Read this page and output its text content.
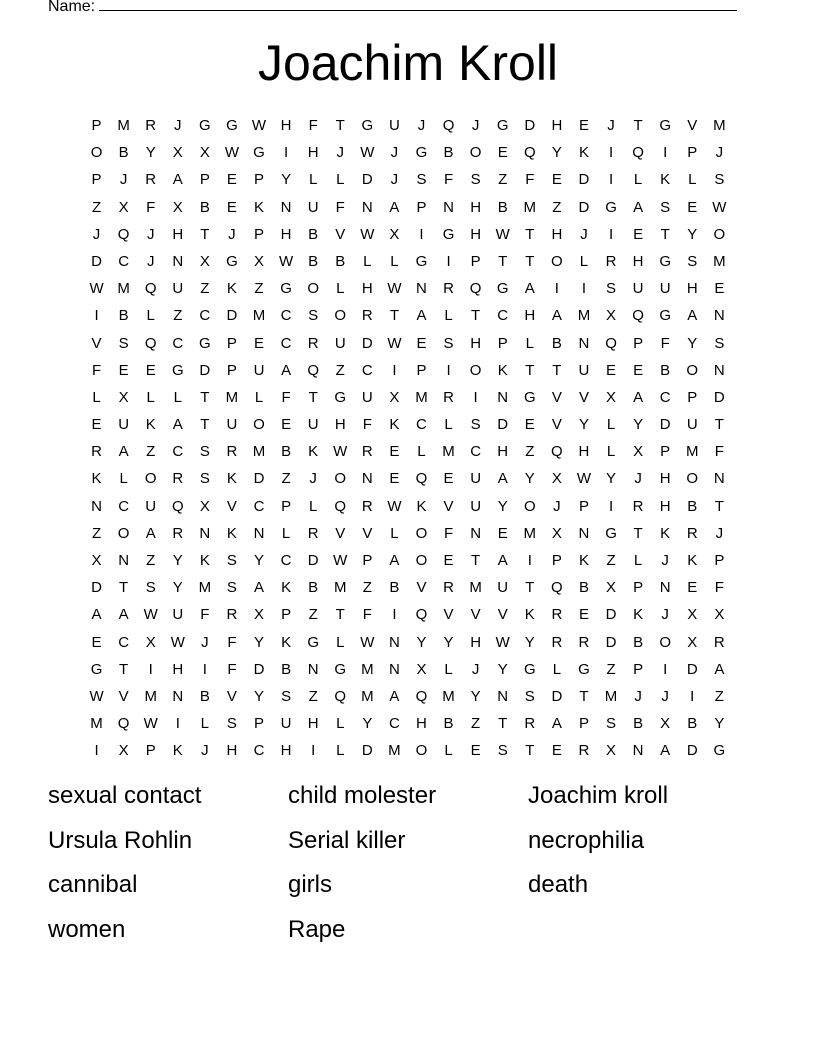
Name:
Joachim Kroll
P	M	R	J	G	G W H	F	T	G	U	J	Q	J	G	D	H	E	J	T	G	V	M
O	B	Y	X	X W G	I	H	J	W	J	G	B	O	E	Q	Y	K	I	Q	I	P	J
P	J	R	A	P	E	P	Y	L	L	D	J	S	F	S	Z	F	E	D	I	L	K	L	S
Z	X	F	X	B	E	K	N	U	F	N	A	P	N	H	B	M	Z	D	G	A	S	E W
J	Q	J	H	T	J	P	H	B	V W X	I	G	H W	T	H	J	I	E	T	Y	O
D	C	J	N	X	G	X W B	B	L	L	G	I	P	T	T	O	L	R	H	G	S	M
W M	Q	U	Z	K	Z	G	O	L	H W N	R	Q	G	A	I	I	S	U	U	H	E
I	B	L	Z	C	D	M	C	S	O	R	T	A	L	T	C	H	A	M	X	Q	G	A	N
V	S	Q	C	G	P	E	C	R	U	D W E	S	H	P	L	B	N	Q	P	F	Y	S
F	E	E	G	D	P	U	A	Q	Z	C	I	P	I	O	K	T	T	U	E	E	B	O	N
L	X	L	L	T	M	L	F	T	G	U	X	M	R	I	N	G	V	V	X	A	C	P	D
E	U	K	A	T	U	O	E	U	H	F	K	C	L	S	D	E	V	Y	L	Y	D	U	T
R	A	Z	C	S	R	M	B	K W R	E	L	M	C	H	Z	Q	H	L	X	P	M	F
K	L	O	R	S	K	D	Z	J	O	N	E	Q	E	U	A	Y	X W Y	J	H	O	N
N	C	U	Q	X	V	C	P	L	Q	R W K	V	U	Y	O	J	P	I	R	H	B	T
Z	O	A	R	N	K	N	L	R	V	V	L	O	F	N	E	M	X	N	G	T	K	R	J
X	N	Z	Y	K	S	Y	C	D W P	A	O	E	T	A	I	P	K	Z	L	J	K	P
D	T	S	Y	M	S	A	K	B	M	Z	B	V	R	M	U	T	Q	B	X	P	N	E	F
A	A W U	F	R	X	P	Z	T	F	I	Q	V	V	V	K	R	E	D	K	J	X	X
E	C	X W	J	F	Y	K	G	L	W N	Y	Y	H W Y	R	R	D	B	O	X	R
G	T	I	H	I	F	D	B	N	G M	N	X	L	J	Y	G	L	G	Z	P	I	D	A
W V	M	N	B	V	Y	S	Z	Q M	A	Q M	Y	N	S	D	T	M	J	J	I	Z
M	Q W	I	L	S	P	U	H	L	Y	C	H	B	Z	T	R	A	P	S	B	X	B	Y
I	X	P	K	J	H	C	H	I	L	D	M	O	L	E	S	T	E	R	X	N	A	D	G
sexual contact	child molester	Joachim kroll
Ursula Rohlin	Serial killer	necrophilia
cannibal	girls	death
women	Rape
